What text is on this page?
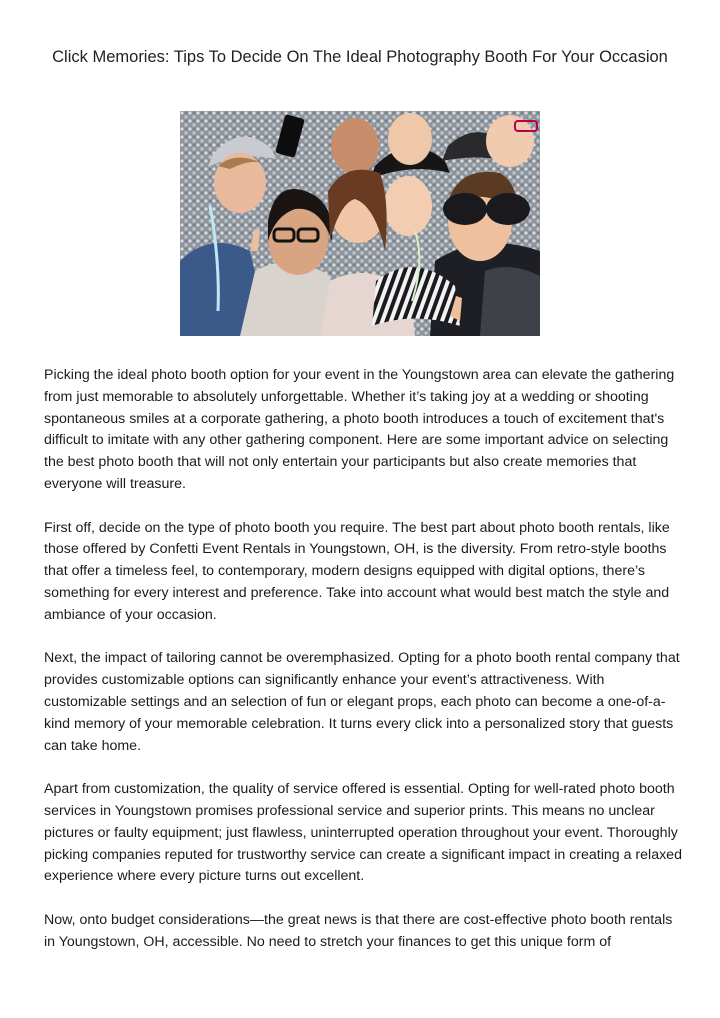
Click Memories: Tips To Decide On The Ideal Photography Booth For Your Occasion

Picking the ideal photo booth option for your event in the Youngstown area can elevate the gathering from just memorable to absolutely unforgettable. Whether it’s taking joy at a wedding or shooting spontaneous smiles at a corporate gathering, a photo booth introduces a touch of excitement that's difficult to imitate with any other gathering component. Here are some important advice on selecting the best photo booth that will not only entertain your participants but also create memories that everyone will treasure.

First off, decide on the type of photo booth you require. The best part about photo booth rentals, like those offered by Confetti Event Rentals in Youngstown, OH, is the diversity. From retro-style booths that offer a timeless feel, to contemporary, modern designs equipped with digital options, there’s something for every interest and preference. Take into account what would best match the style and ambiance of your occasion.

Next, the impact of tailoring cannot be overemphasized. Opting for a photo booth rental company that provides customizable options can significantly enhance your event’s attractiveness. With customizable settings and an selection of fun or elegant props, each photo can become a one-of-a-kind memory of your memorable celebration. It turns every click into a personalized story that guests can take home.

Apart from customization, the quality of service offered is essential. Opting for well-rated photo booth services in Youngstown promises professional service and superior prints. This means no unclear pictures or faulty equipment; just flawless, uninterrupted operation throughout your event. Thoroughly picking companies reputed for trustworthy service can create a significant impact in creating a relaxed experience where every picture turns out excellent.

Now, onto budget considerations—the great news is that there are cost-effective photo booth rentals in Youngstown, OH, accessible. No need to stretch your finances to get this unique form of
